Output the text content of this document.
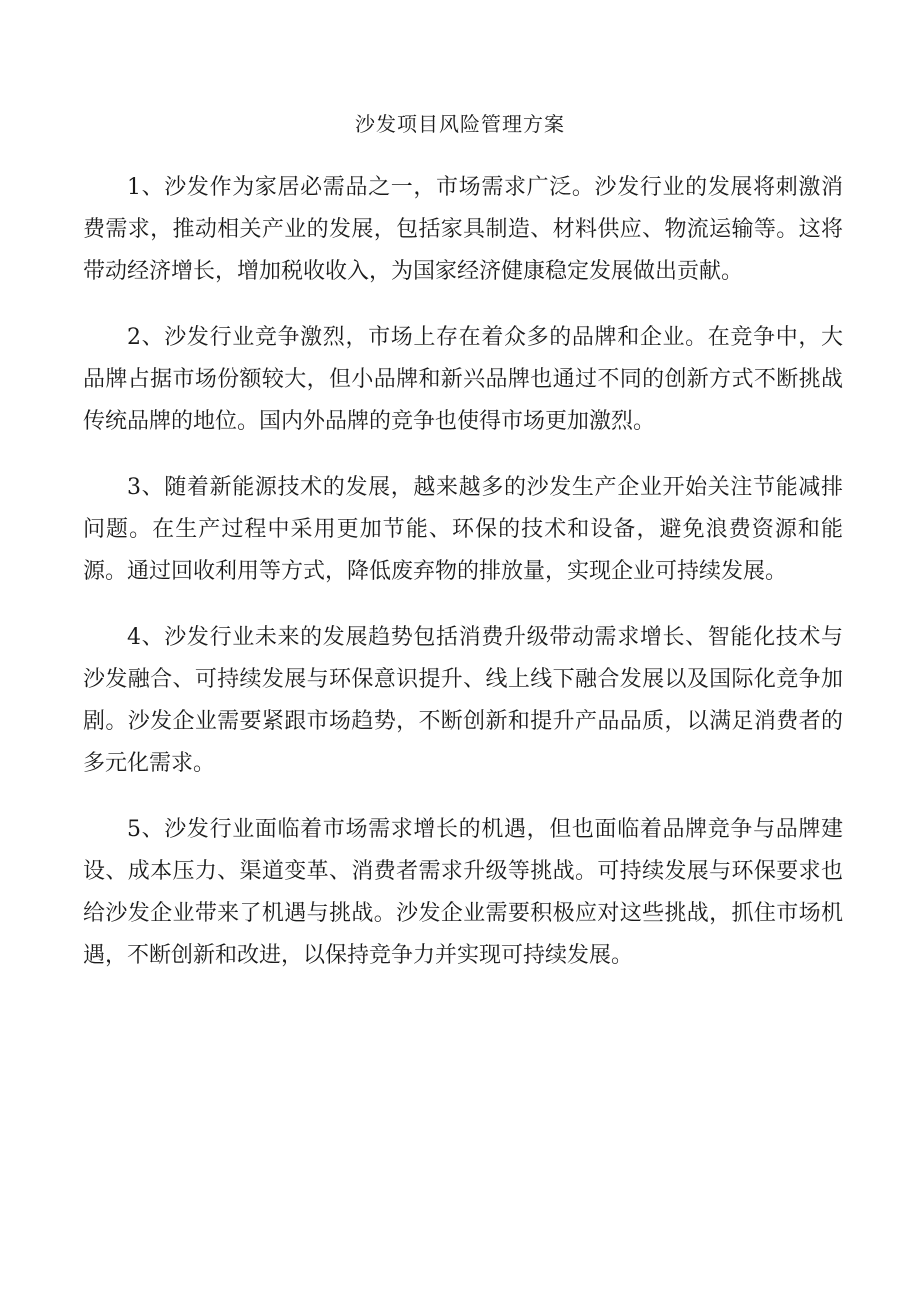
沙发项目风险管理方案

1、沙发作为家居必需品之一，市场需求广泛。沙发行业的发展将刺激消费需求，推动相关产业的发展，包括家具制造、材料供应、物流运输等。这将带动经济增长，增加税收收入，为国家经济健康稳定发展做出贡献。

2、沙发行业竞争激烈，市场上存在着众多的品牌和企业。在竞争中，大品牌占据市场份额较大，但小品牌和新兴品牌也通过不同的创新方式不断挑战传统品牌的地位。国内外品牌的竞争也使得市场更加激烈。

3、随着新能源技术的发展，越来越多的沙发生产企业开始关注节能减排问题。在生产过程中采用更加节能、环保的技术和设备，避免浪费资源和能源。通过回收利用等方式，降低废弃物的排放量，实现企业可持续发展。

4、沙发行业未来的发展趋势包括消费升级带动需求增长、智能化技术与沙发融合、可持续发展与环保意识提升、线上线下融合发展以及国际化竞争加剧。沙发企业需要紧跟市场趋势，不断创新和提升产品品质，以满足消费者的多元化需求。

5、沙发行业面临着市场需求增长的机遇，但也面临着品牌竞争与品牌建设、成本压力、渠道变革、消费者需求升级等挑战。可持续发展与环保要求也给沙发企业带来了机遇与挑战。沙发企业需要积极应对这些挑战，抓住市场机遇，不断创新和改进，以保持竞争力并实现可持续发展。
